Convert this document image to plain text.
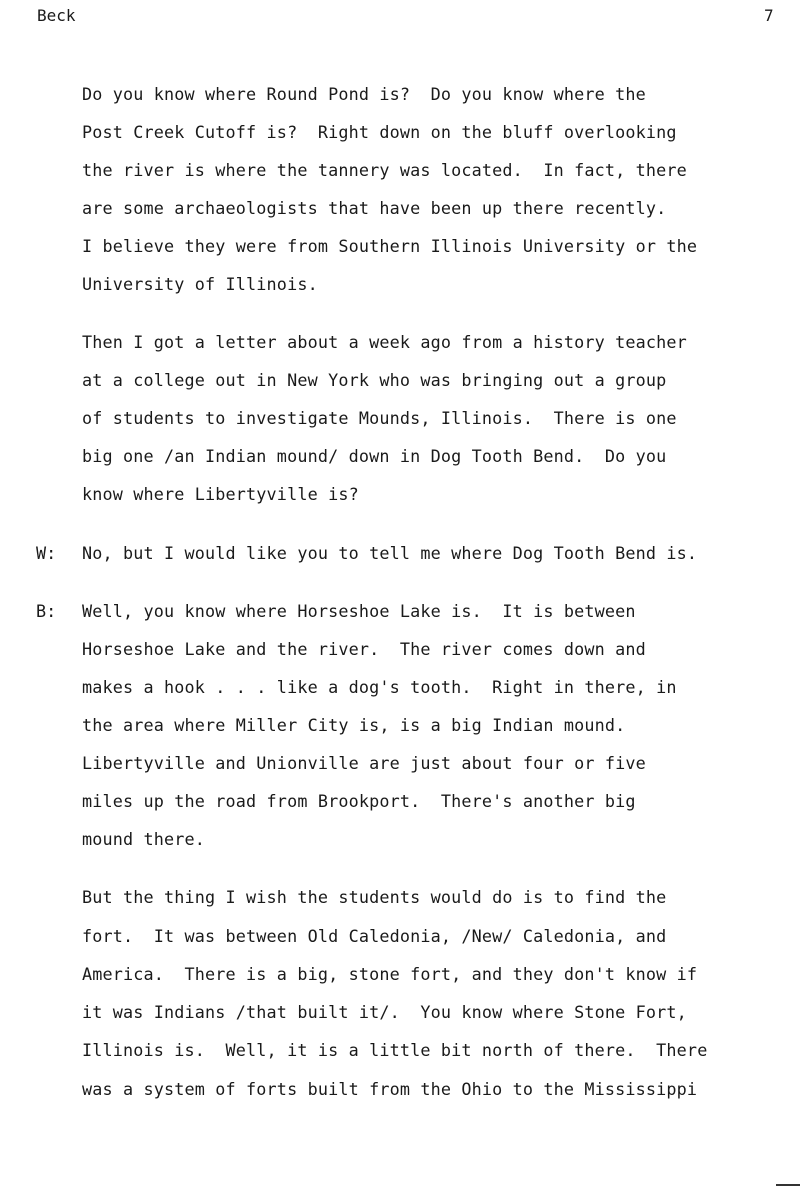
Beck	7
Do you know where Round Pond is?  Do you know where the
Post Creek Cutoff is?  Right down on the bluff overlooking
the river is where the tannery was located.  In fact, there
are some archaeologists that have been up there recently.
I believe they were from Southern Illinois University or the
University of Illinois.
Then I got a letter about a week ago from a history teacher
at a college out in New York who was bringing out a group
of students to investigate Mounds, Illinois.  There is one
big one /an Indian mound/ down in Dog Tooth Bend.  Do you
know where Libertyville is?
W: No, but I would like you to tell me where Dog Tooth Bend is.
B: Well, you know where Horseshoe Lake is.  It is between
Horseshoe Lake and the river.  The river comes down and
makes a hook . . . like a dog's tooth.  Right in there, in
the area where Miller City is, is a big Indian mound.
Libertyville and Unionville are just about four or five
miles up the road from Brookport.  There's another big
mound there.
But the thing I wish the students would do is to find the
fort.  It was between Old Caledonia, /New/ Caledonia, and
America.  There is a big, stone fort, and they don't know if
it was Indians /that built it/.  You know where Stone Fort,
Illinois is.  Well, it is a little bit north of there.  There
was a system of forts built from the Ohio to the Mississippi
